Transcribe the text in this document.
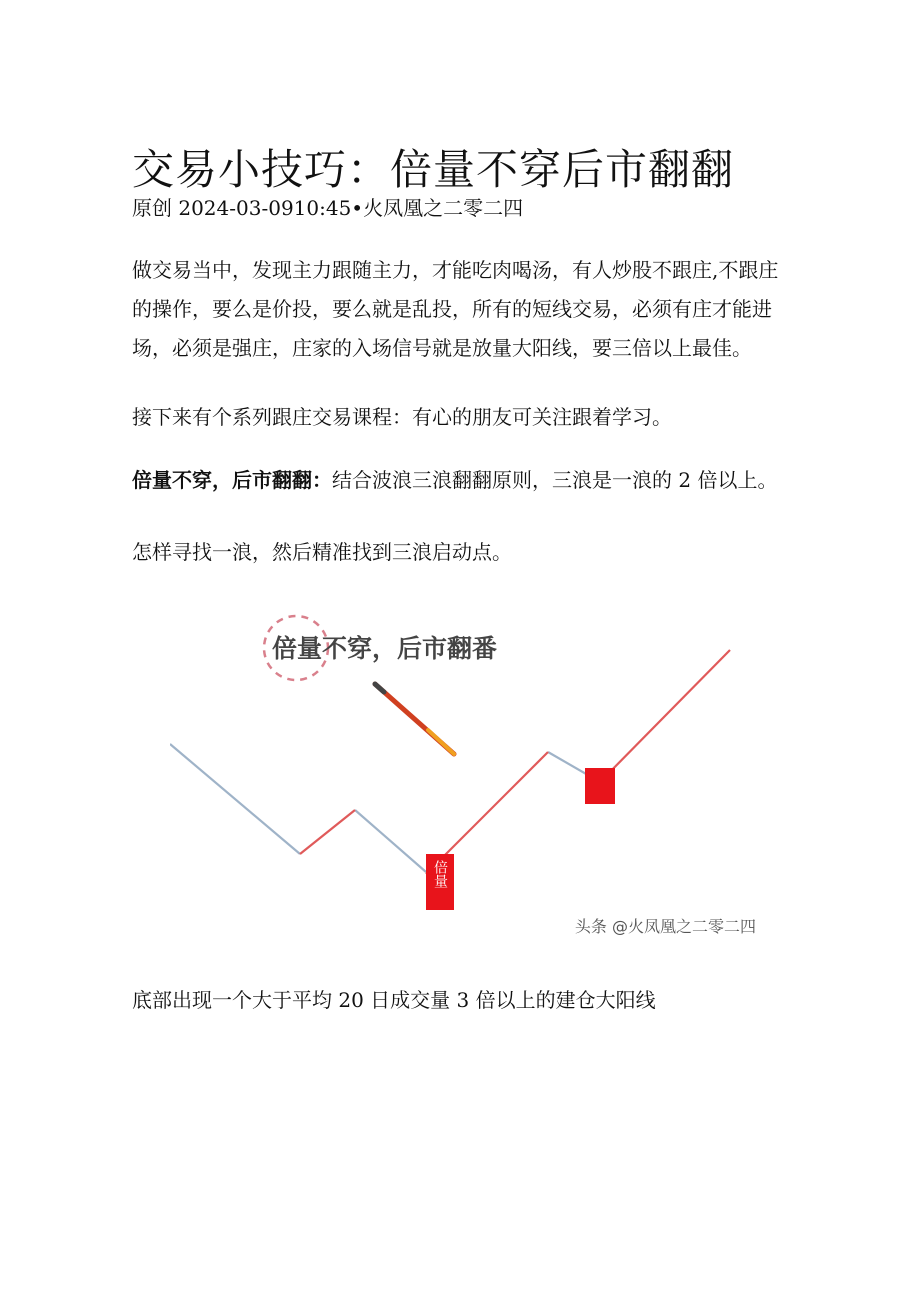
交易小技巧：倍量不穿后市翻翻
原创 2024-03-0910:45•火凤凰之二零二四

做交易当中，发现主力跟随主力，才能吃肉喝汤，有人炒股不跟庄,不跟庄的操作，要么是价投，要么就是乱投，所有的短线交易，必须有庄才能进场，必须是强庄，庄家的入场信号就是放量大阳线，要三倍以上最佳。

接下来有个系列跟庄交易课程：有心的朋友可关注跟着学习。

倍量不穿，后市翻翻：结合波浪三浪翻翻原则，三浪是一浪的 2 倍以上。

怎样寻找一浪，然后精准找到三浪启动点。

倍量不穿，后市翻番
倍量
头条 @火凤凰之二零二四

底部出现一个大于平均 20 日成交量 3 倍以上的建仓大阳线
